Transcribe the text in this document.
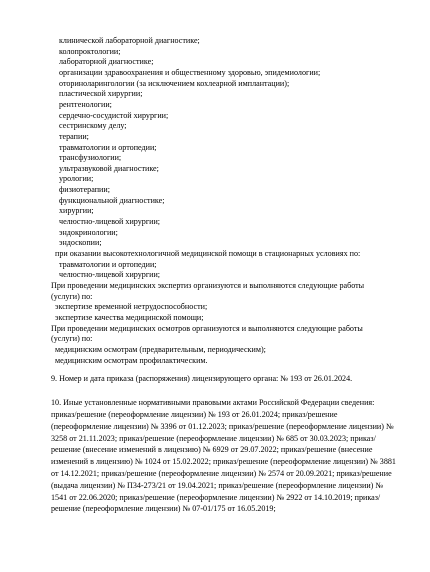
клинической лабораторной диагностике;
колопроктологии;
лабораторной диагностике;
организации здравоохранения и общественному здоровью, эпидемиологии;
оториноларингологии (за исключением кохлеарной имплантации);
пластической хирургии;
рентгенологии;
сердечно-сосудистой хирургии;
сестринскому делу;
терапии;
травматологии и ортопедии;
трансфузиологии;
ультразвуковой диагностике;
урологии;
физиотерапии;
функциональной диагностике;
хирургии;
челюстно-лицевой хирургии;
эндокринологии;
эндоскопии;
при оказании высокотехнологичной медицинской помощи в стационарных условиях по:
травматологии и ортопедии;
челюстно-лицевой хирургии;
При проведении медицинских экспертиз организуются и выполняются следующие работы
(услуги) по:
экспертизе временной нетрудоспособности;
экспертизе качества медицинской помощи;
При проведении медицинских осмотров организуются и выполняются следующие работы
(услуги) по:
медицинским осмотрам (предварительным, периодическим);
медицинским осмотрам профилактическим.
9. Номер и дата приказа (распоряжения) лицензирующего органа: № 193 от 26.01.2024.
10. Иные установленные нормативными правовыми актами Российской Федерации сведения:
приказ/решение (переоформление лицензии) № 193 от 26.01.2024; приказ/решение (переоформление лицензии) № 3396 от 01.12.2023; приказ/решение (переоформление лицензии) № 3258 от 21.11.2023; приказ/решение (переоформление лицензии) № 685 от 30.03.2023; приказ/решение (внесение изменений в лицензию) № 6929 от 29.07.2022; приказ/решение (внесение изменений в лицензию) № 1024 от 15.02.2022; приказ/решение (переоформление лицензии) № 3881 от 14.12.2021; приказ/решение (переоформление лицензии) № 2574 от 20.09.2021; приказ/решение (выдача лицензии) № П34-273/21 от 19.04.2021; приказ/решение (переоформление лицензии) № 1541 от 22.06.2020; приказ/решение (переоформление лицензии) № 2922 от 14.10.2019; приказ/решение (переоформление лицензии) № 07-01/175 от 16.05.2019;
